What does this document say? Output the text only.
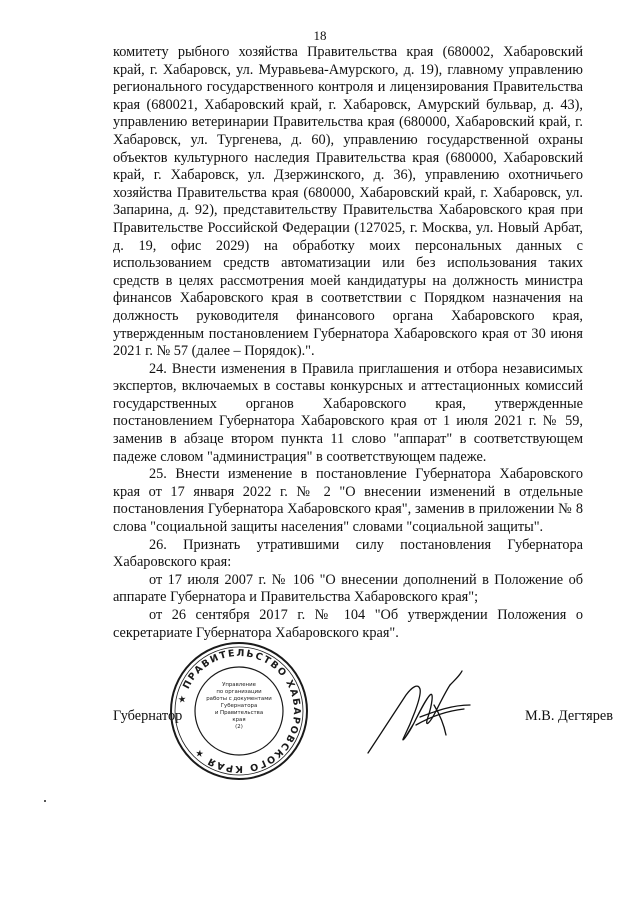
18

комитету рыбного хозяйства Правительства края (680002, Хабаровский край, г. Хабаровск, ул. Муравьева-Амурского, д. 19), главному управлению регионального государственного контроля и лицензирования Правительства края (680021, Хабаровский край, г. Хабаровск, Амурский бульвар, д. 43), управлению ветеринарии Правительства края (680000, Хабаровский край, г. Хабаровск, ул. Тургенева, д. 60), управлению государственной охраны объектов культурного наследия Правительства края (680000, Хабаровский край, г. Хабаровск, ул. Дзержинского, д. 36), управлению охотничьего хозяйства Правительства края (680000, Хабаровский край, г. Хабаровск, ул. Запарина, д. 92), представительству Правительства Хабаровского края при Правительстве Российской Федерации (127025, г. Москва, ул. Новый Арбат, д. 19, офис 2029) на обработку моих персональных данных с использованием средств автоматизации или без использования таких средств в целях рассмотрения моей кандидатуры на должность министра финансов Хабаровского края в соответствии с Порядком назначения на должность руководителя финансового органа Хабаровского края, утвержденным постановлением Губернатора Хабаровского края от 30 июня 2021 г. № 57 (далее – Порядок).".

24. Внести изменения в Правила приглашения и отбора независимых экспертов, включаемых в составы конкурсных и аттестационных комиссий государственных органов Хабаровского края, утвержденные постановлением Губернатора Хабаровского края от 1 июля 2021 г. № 59, заменив в абзаце втором пункта 11 слово "аппарат" в соответствующем падеже словом "администрация" в соответствующем падеже.

25. Внести изменение в постановление Губернатора Хабаровского края от 17 января 2022 г. № 2 "О внесении изменений в отдельные постановления Губернатора Хабаровского края", заменив в приложении № 8 слова "социальной защиты населения" словами "социальной защиты".

26. Признать утратившими силу постановления Губернатора Хабаровского края:

от 17 июля 2007 г. № 106 "О внесении дополнений в Положение об аппарате Губернатора и Правительства Хабаровского края";

от 26 сентября 2017 г. № 104 "Об утверждении Положения о секретариате Губернатора Хабаровского края".

Губернатор	М.В. Дегтярев
★ ПРАВИТЕЛЬСТВО ХАБАРОВСКОГО КРАЯ ★
Управление
по организации
работы с документами
Губернатора
и Правительства
края
(2)
